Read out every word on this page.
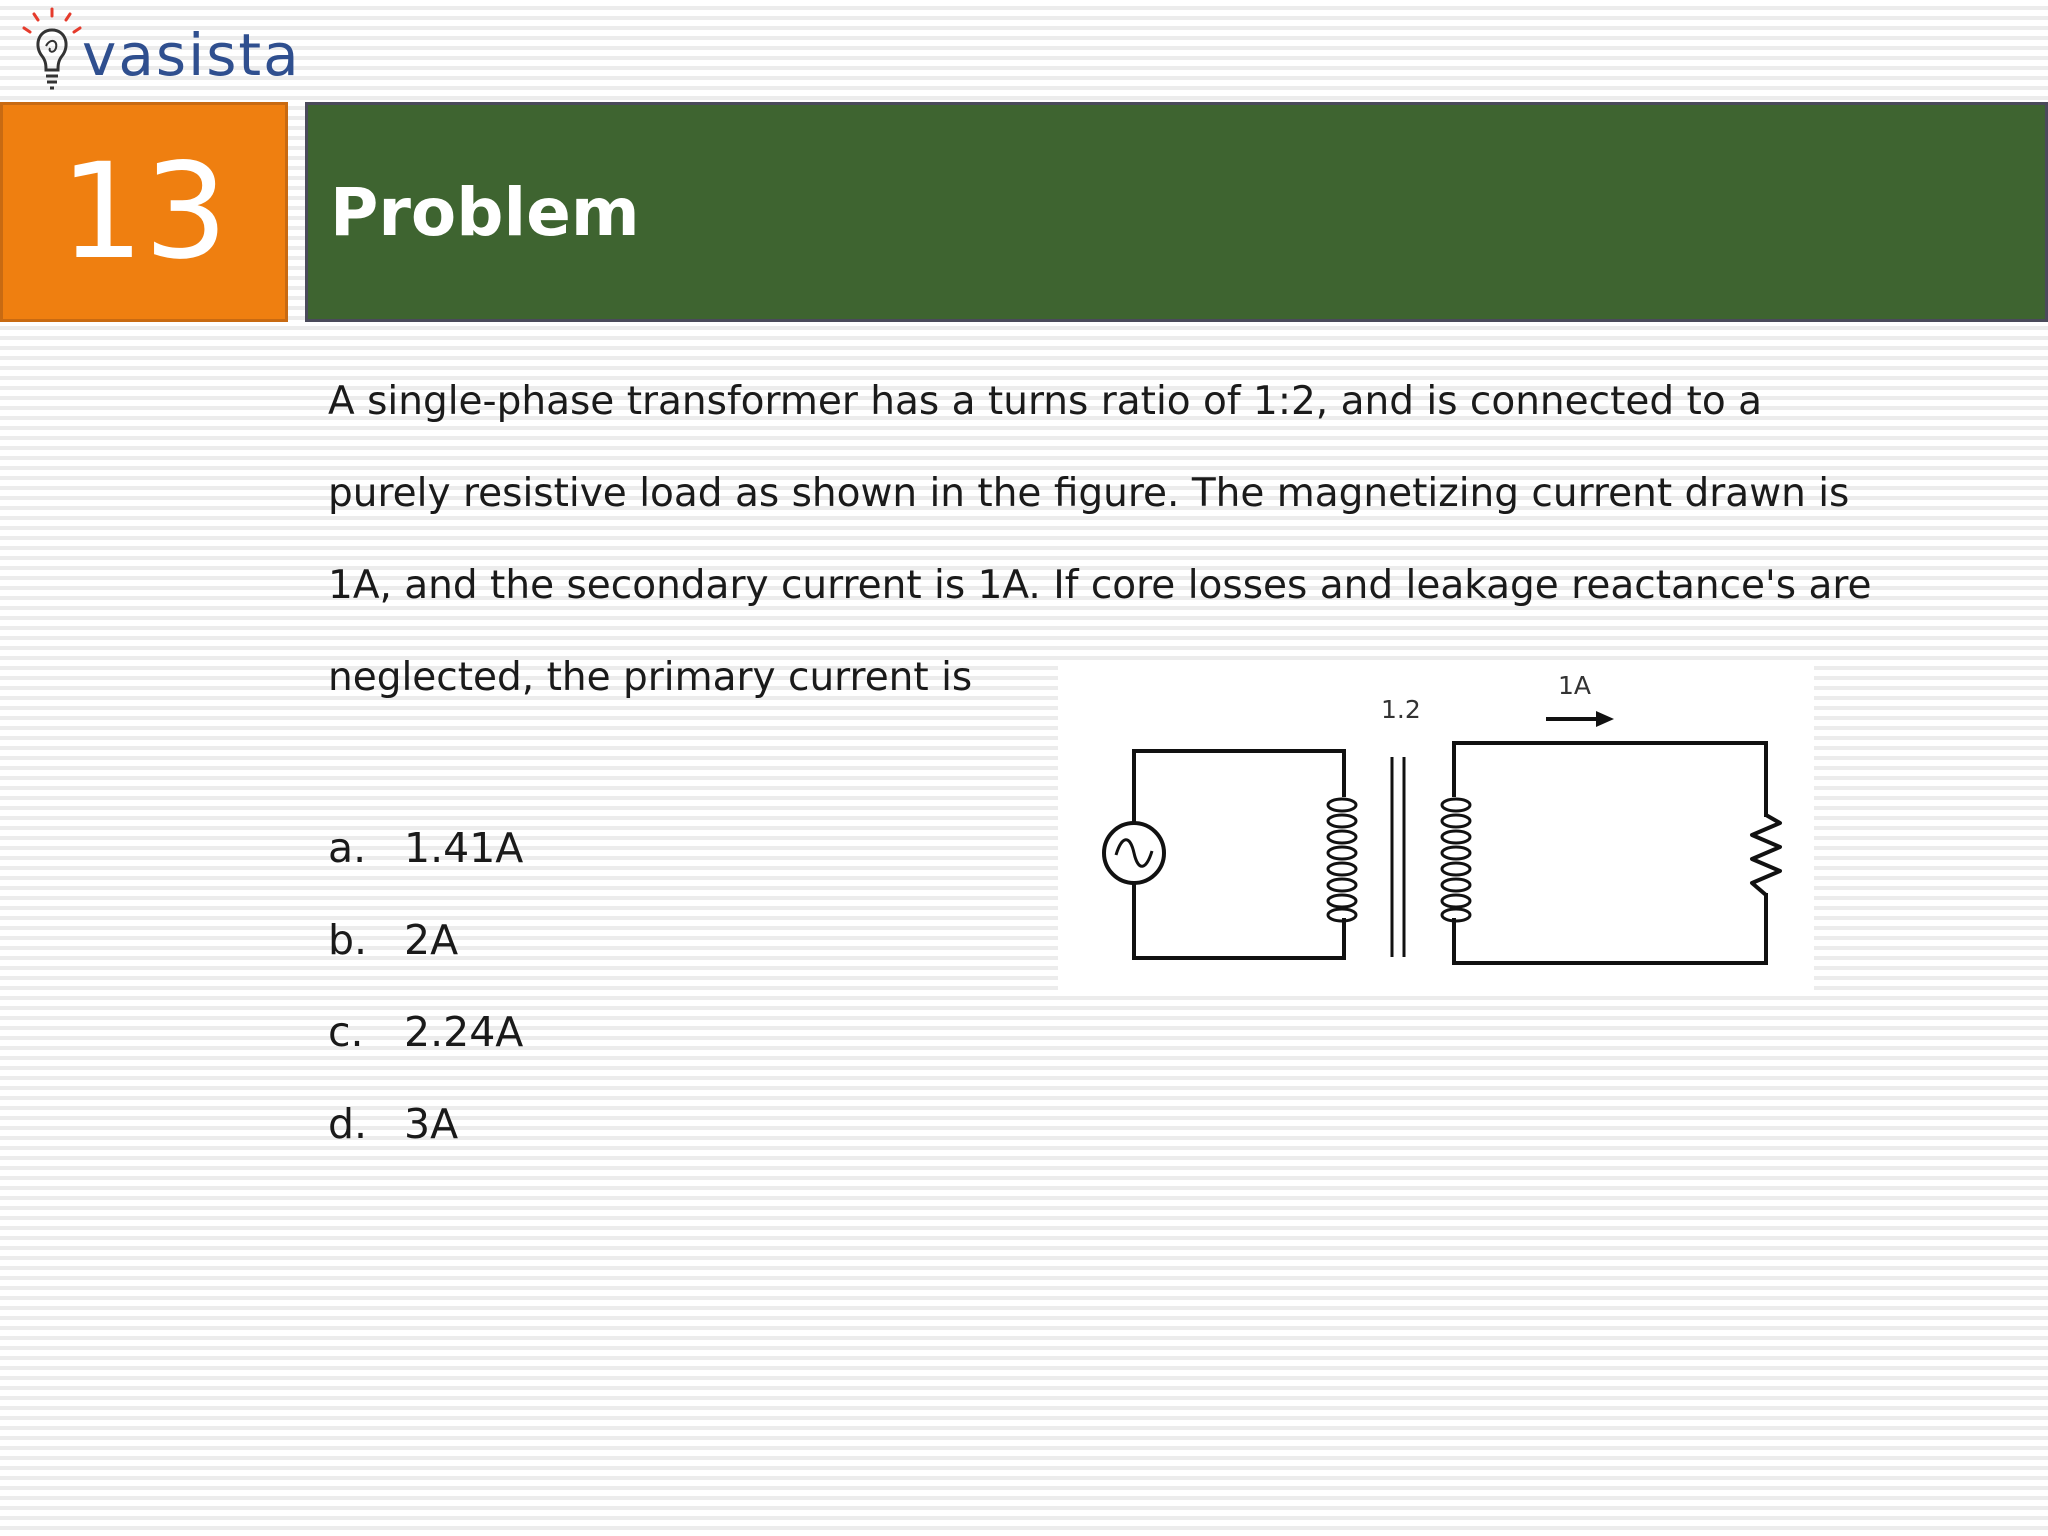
vasista
13	Problem

A single-phase transformer has a turns ratio of 1:2, and is connected to a

purely resistive load as shown in the figure. The magnetizing current drawn is

1A, and the secondary current is 1A. If core losses and leakage reactance's are

neglected, the primary current is

a. 1.41A
b. 2A
c. 2.24A
d. 3A
1.2
1A
